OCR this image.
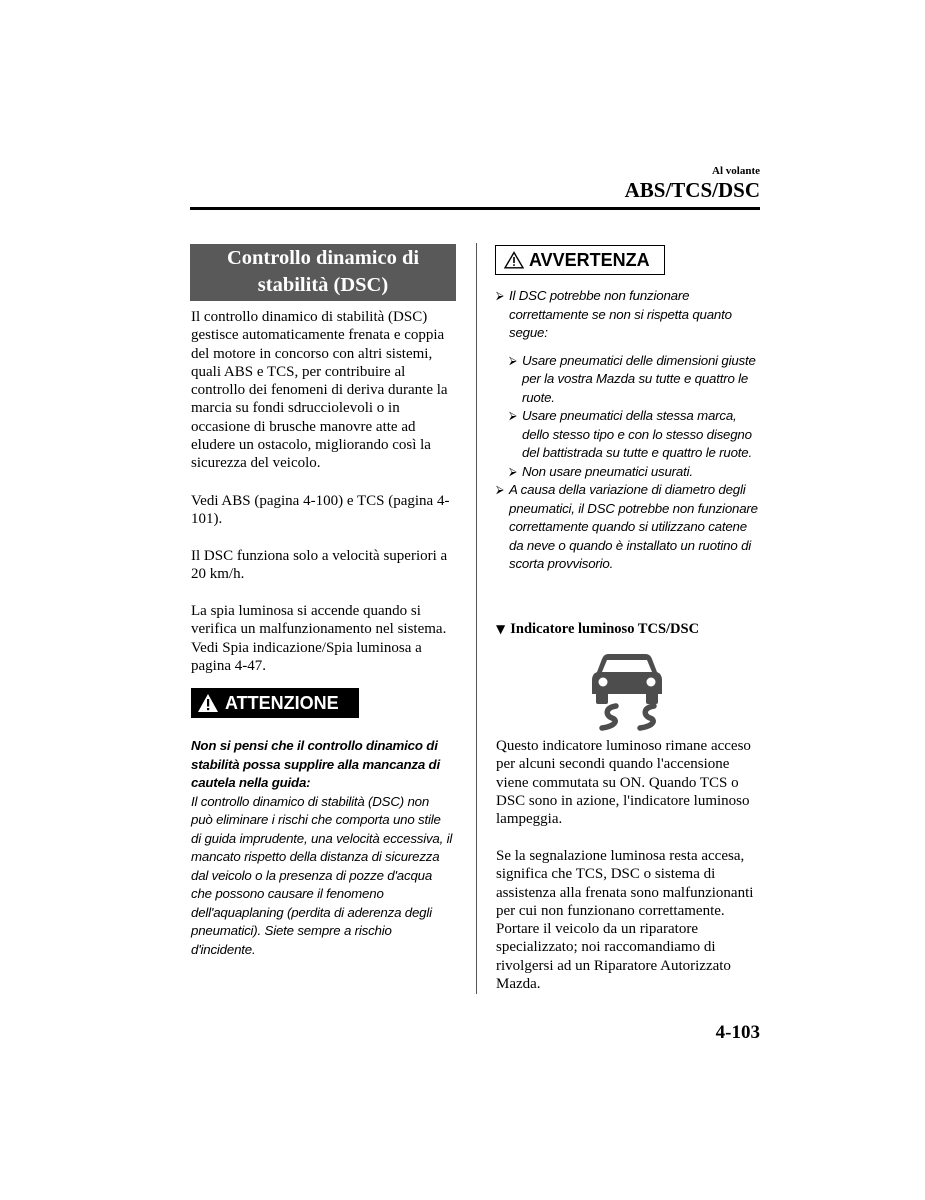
Al volante
ABS/TCS/DSC
Controllo dinamico di
stabilità (DSC)

Il controllo dinamico di stabilità (DSC) gestisce automaticamente frenata e coppia del motore in concorso con altri sistemi, quali ABS e TCS, per contribuire al controllo dei fenomeni di deriva durante la marcia su fondi sdrucciolevoli o in occasione di brusche manovre atte ad eludere un ostacolo, migliorando così la sicurezza del veicolo.

Vedi ABS (pagina 4-100) e TCS (pagina 4-101).

Il DSC funziona solo a velocità superiori a 20 km/h.

La spia luminosa si accende quando si verifica un malfunzionamento nel sistema. Vedi Spia indicazione/Spia luminosa a pagina 4-47.

ATTENZIONE
Non si pensi che il controllo dinamico di stabilità possa supplire alla mancanza di cautela nella guida:
Il controllo dinamico di stabilità (DSC) non può eliminare i rischi che comporta uno stile di guida imprudente, una velocità eccessiva, il mancato rispetto della distanza di sicurezza dal veicolo o la presenza di pozze d'acqua che possono causare il fenomeno dell'aquaplaning (perdita di aderenza degli pneumatici). Siete sempre a rischio d'incidente.
AVVERTENZA
⮚ Il DSC potrebbe non funzionare correttamente se non si rispetta quanto segue:
⮚ Usare pneumatici delle dimensioni giuste per la vostra Mazda su tutte e quattro le ruote.
⮚ Usare pneumatici della stessa marca, dello stesso tipo e con lo stesso disegno del battistrada su tutte e quattro le ruote.
⮚ Non usare pneumatici usurati.
⮚ A causa della variazione di diametro degli pneumatici, il DSC potrebbe non funzionare correttamente quando si utilizzano catene da neve o quando è installato un ruotino di scorta provvisorio.
▼ Indicatore luminoso TCS/DSC

Questo indicatore luminoso rimane acceso per alcuni secondi quando l'accensione viene commutata su ON. Quando TCS o DSC sono in azione, l'indicatore luminoso lampeggia.

Se la segnalazione luminosa resta accesa, significa che TCS, DSC o sistema di assistenza alla frenata sono malfunzionanti per cui non funzionano correttamente. Portare il veicolo da un riparatore specializzato; noi raccomandiamo di rivolgersi ad un Riparatore Autorizzato Mazda.

4-103
